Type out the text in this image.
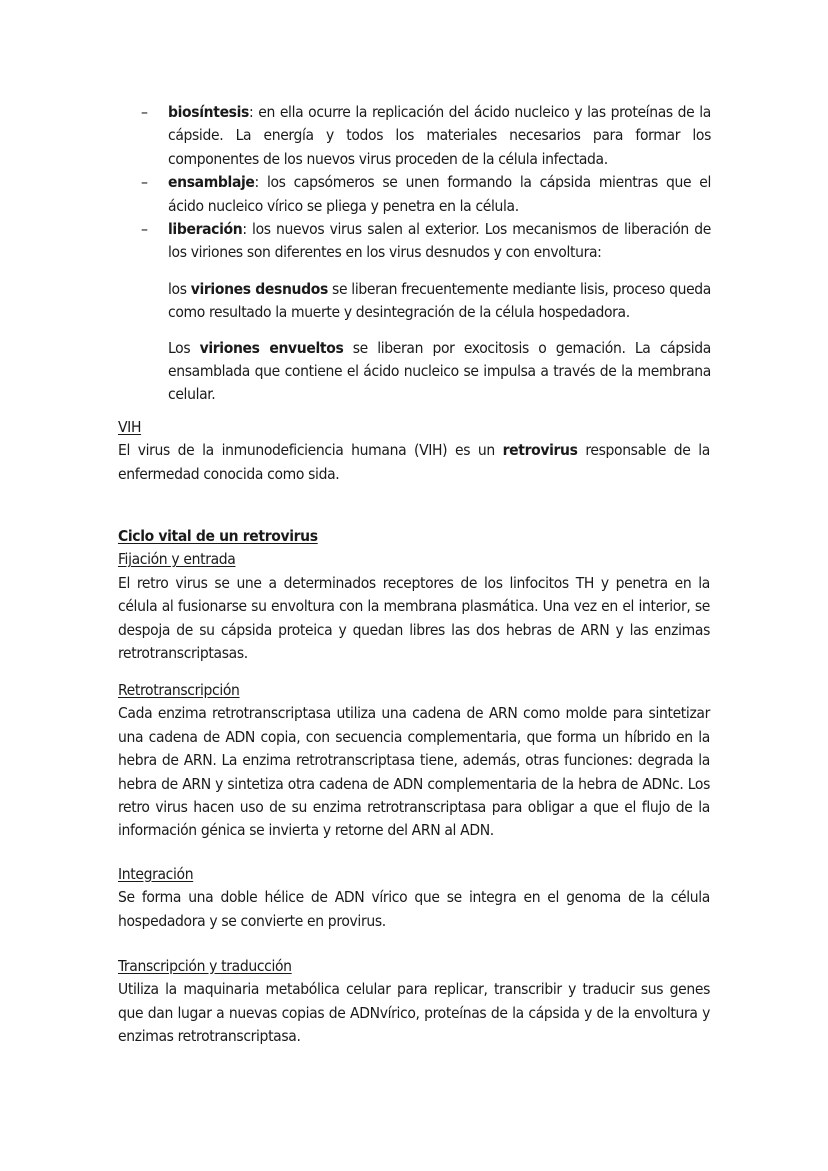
–	biosíntesis: en ella ocurre la replicación del ácido nucleico y las proteínas de la cápside. La energía y todos los materiales necesarios para formar los componentes de los nuevos virus proceden de la célula infectada.
–	ensamblaje: los capsómeros se unen formando la cápsida mientras que el ácido nucleico vírico se pliega y penetra en la célula.
–	liberación: los nuevos virus salen al exterior. Los mecanismos de liberación de los viriones son diferentes en los virus desnudos y con envoltura:
los viriones desnudos se liberan frecuentemente mediante lisis, proceso queda como resultado la muerte y desintegración de la célula hospedadora.
Los viriones envueltos se liberan por exocitosis o gemación. La cápsida ensamblada que contiene el ácido nucleico se impulsa a través de la membrana celular.
VIH
El virus de la inmunodeficiencia humana (VIH) es un retrovirus responsable de la enfermedad conocida como sida.
Ciclo vital de un retrovirus
Fijación y entrada
El retro virus se une a determinados receptores de los linfocitos TH y penetra en la célula al fusionarse su envoltura con la membrana plasmática. Una vez en el interior, se despoja de su cápsida proteica y quedan libres las dos hebras de ARN y las enzimas retrotranscriptasas.
Retrotranscripción
Cada enzima retrotranscriptasa utiliza una cadena de ARN como molde para sintetizar una cadena de ADN copia, con secuencia complementaria, que forma un híbrido en la hebra de ARN. La enzima retrotranscriptasa tiene, además, otras funciones: degrada la hebra de ARN y sintetiza otra cadena de ADN complementaria de la hebra de ADNc. Los retro virus hacen uso de su enzima retrotranscriptasa para obligar a que el flujo de la información génica se invierta y retorne del ARN al ADN.
Integración
Se forma una doble hélice de ADN vírico que se integra en el genoma de la célula hospedadora y se convierte en provirus.
Transcripción y traducción
Utiliza la maquinaria metabólica celular para replicar, transcribir y traducir sus genes que dan lugar a nuevas copias de ADNvírico, proteínas de la cápsida y de la envoltura y enzimas retrotranscriptasa.
